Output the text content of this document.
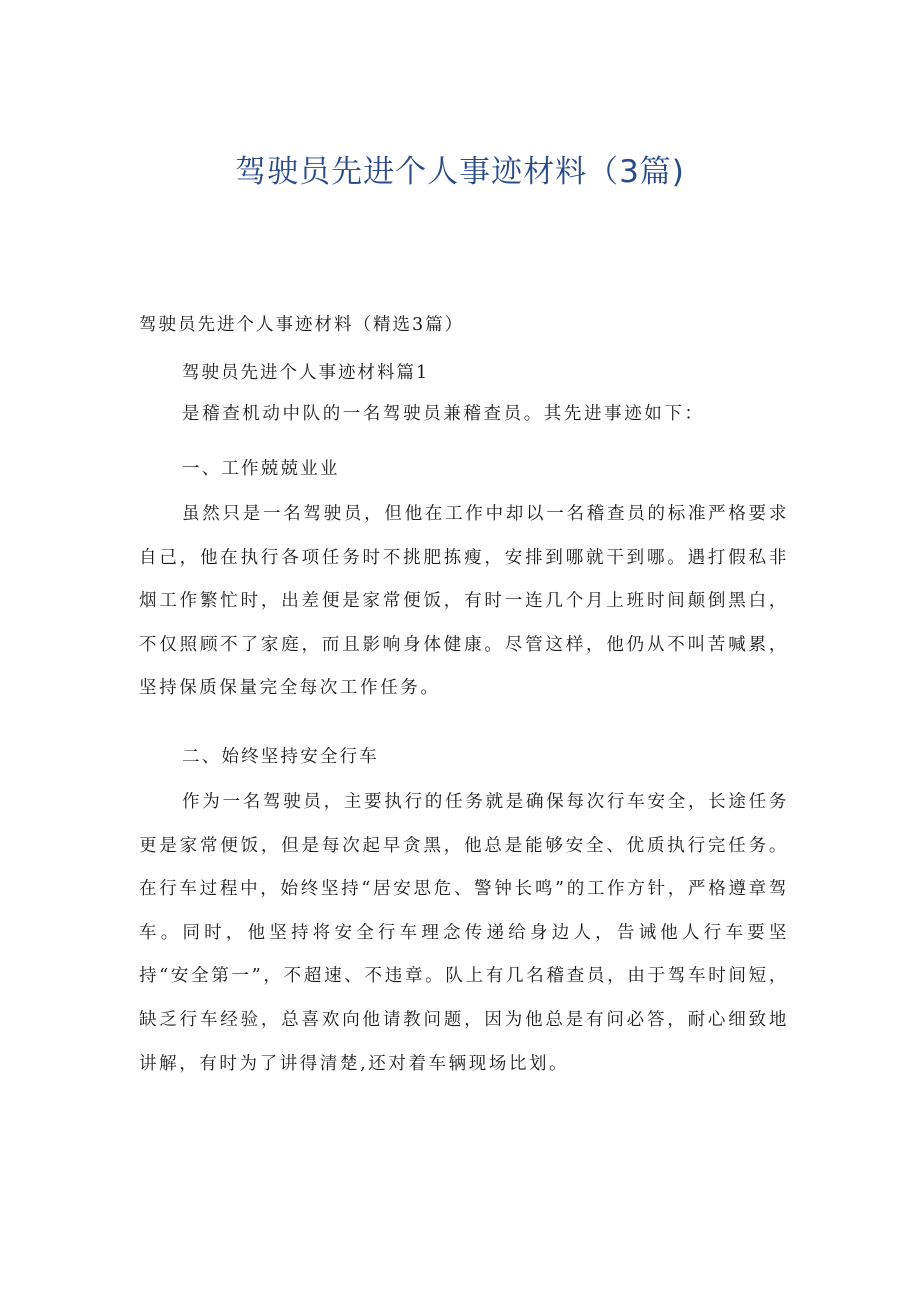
驾驶员先进个人事迹材料（3篇)
驾驶员先进个人事迹材料（精选3篇）
驾驶员先进个人事迹材料篇1
是稽查机动中队的一名驾驶员兼稽查员。其先进事迹如下：
一、工作兢兢业业
虽然只是一名驾驶员，但他在工作中却以一名稽查员的标准严格要求自己，他在执行各项任务时不挑肥拣瘦，安排到哪就干到哪。遇打假私非烟工作繁忙时，出差便是家常便饭，有时一连几个月上班时间颠倒黑白，不仅照顾不了家庭，而且影响身体健康。尽管这样，他仍从不叫苦喊累，坚持保质保量完全每次工作任务。
二、始终坚持安全行车
作为一名驾驶员，主要执行的任务就是确保每次行车安全，长途任务更是家常便饭，但是每次起早贪黑，他总是能够安全、优质执行完任务。在行车过程中，始终坚持“居安思危、警钟长鸣”的工作方针，严格遵章驾车。同时，他坚持将安全行车理念传递给身边人，告诫他人行车要坚持“安全第一”，不超速、不违章。队上有几名稽查员，由于驾车时间短，缺乏行车经验，总喜欢向他请教问题，因为他总是有问必答，耐心细致地讲解，有时为了讲得清楚,还对着车辆现场比划。
